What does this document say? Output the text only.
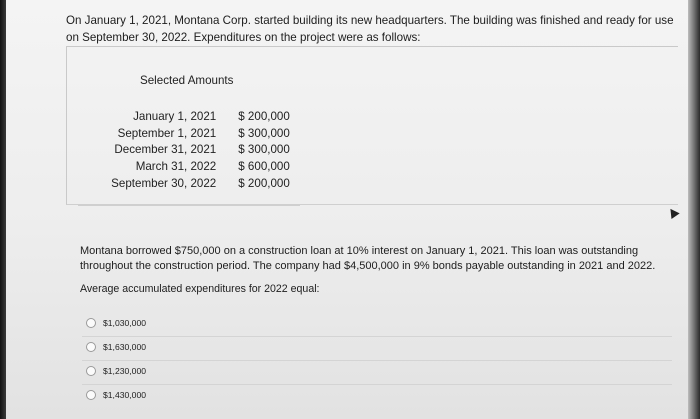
On January 1, 2021, Montana Corp. started building its new headquarters. The building was finished and ready for use on September 30, 2022. Expenditures on the project were as follows:
Selected Amounts
January 1, 2021	$ 200,000
September 1, 2021	$ 300,000
December 31, 2021	$ 300,000
March 31, 2022	$ 600,000
September 30, 2022	$ 200,000
Montana borrowed $750,000 on a construction loan at 10% interest on January 1, 2021. This loan was outstanding throughout the construction period. The company had $4,500,000 in 9% bonds payable outstanding in 2021 and 2022.
Average accumulated expenditures for 2022 equal:
$1,030,000
$1,630,000
$1,230,000
$1,430,000
